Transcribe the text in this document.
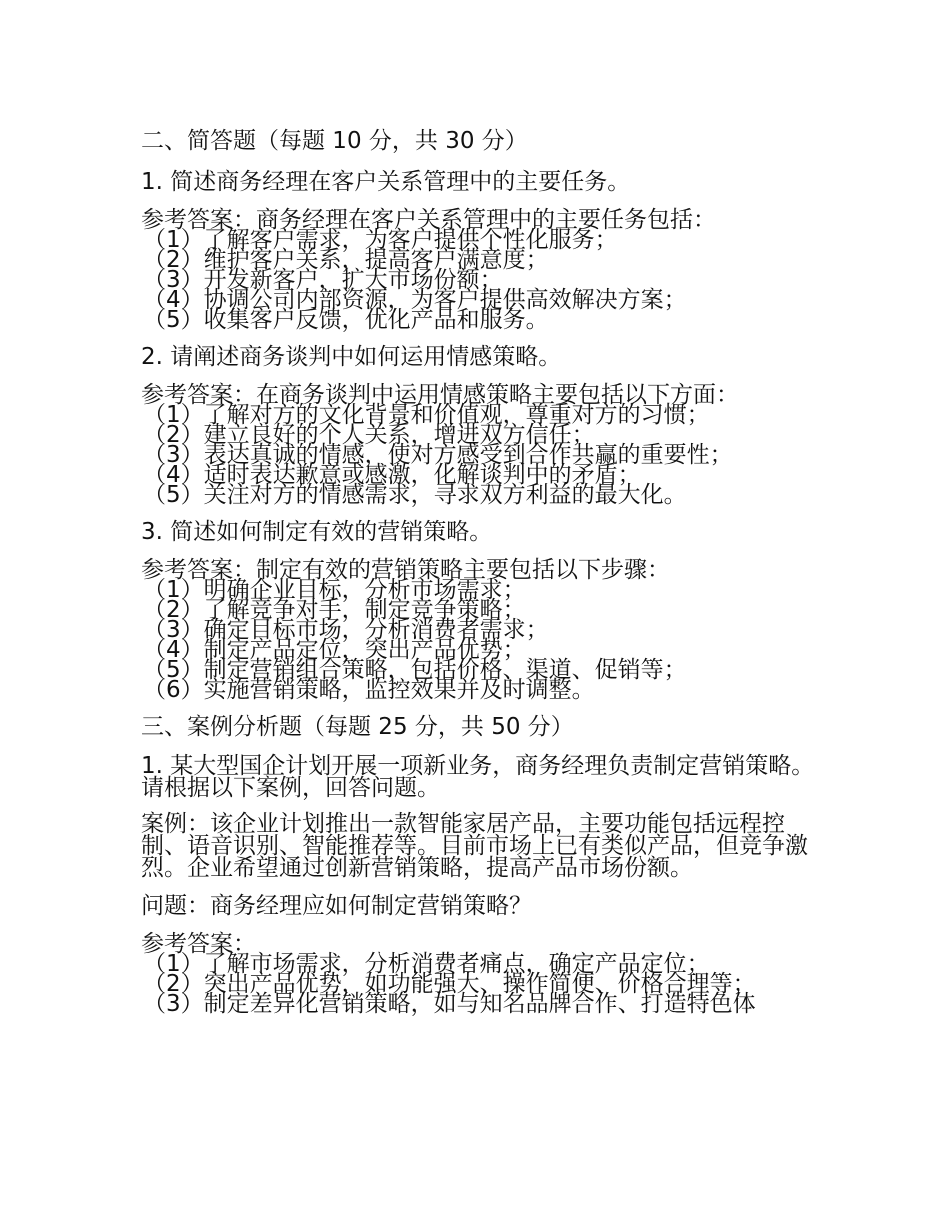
二、简答题（每题 10 分，共 30 分）
1. 简述商务经理在客户关系管理中的主要任务。
参考答案：商务经理在客户关系管理中的主要任务包括：
（1）了解客户需求，为客户提供个性化服务；
（2）维护客户关系，提高客户满意度；
（3）开发新客户，扩大市场份额；
（4）协调公司内部资源，为客户提供高效解决方案；
（5）收集客户反馈，优化产品和服务。
2. 请阐述商务谈判中如何运用情感策略。
参考答案：在商务谈判中运用情感策略主要包括以下方面：
（1）了解对方的文化背景和价值观，尊重对方的习惯；
（2）建立良好的个人关系，增进双方信任；
（3）表达真诚的情感，使对方感受到合作共赢的重要性；
（4）适时表达歉意或感激，化解谈判中的矛盾；
（5）关注对方的情感需求，寻求双方利益的最大化。
3. 简述如何制定有效的营销策略。
参考答案：制定有效的营销策略主要包括以下步骤：
（1）明确企业目标，分析市场需求；
（2）了解竞争对手，制定竞争策略；
（3）确定目标市场，分析消费者需求；
（4）制定产品定位，突出产品优势；
（5）制定营销组合策略，包括价格、渠道、促销等；
（6）实施营销策略，监控效果并及时调整。
三、案例分析题（每题 25 分，共 50 分）
1. 某大型国企计划开展一项新业务，商务经理负责制定营销策略。请根据以下案例，回答问题。
案例：该企业计划推出一款智能家居产品，主要功能包括远程控制、语音识别、智能推荐等。目前市场上已有类似产品，但竞争激烈。企业希望通过创新营销策略，提高产品市场份额。
问题：商务经理应如何制定营销策略？
参考答案：
（1）了解市场需求，分析消费者痛点，确定产品定位；
（2）突出产品优势，如功能强大、操作简便、价格合理等；
（3）制定差异化营销策略，如与知名品牌合作、打造特色体
